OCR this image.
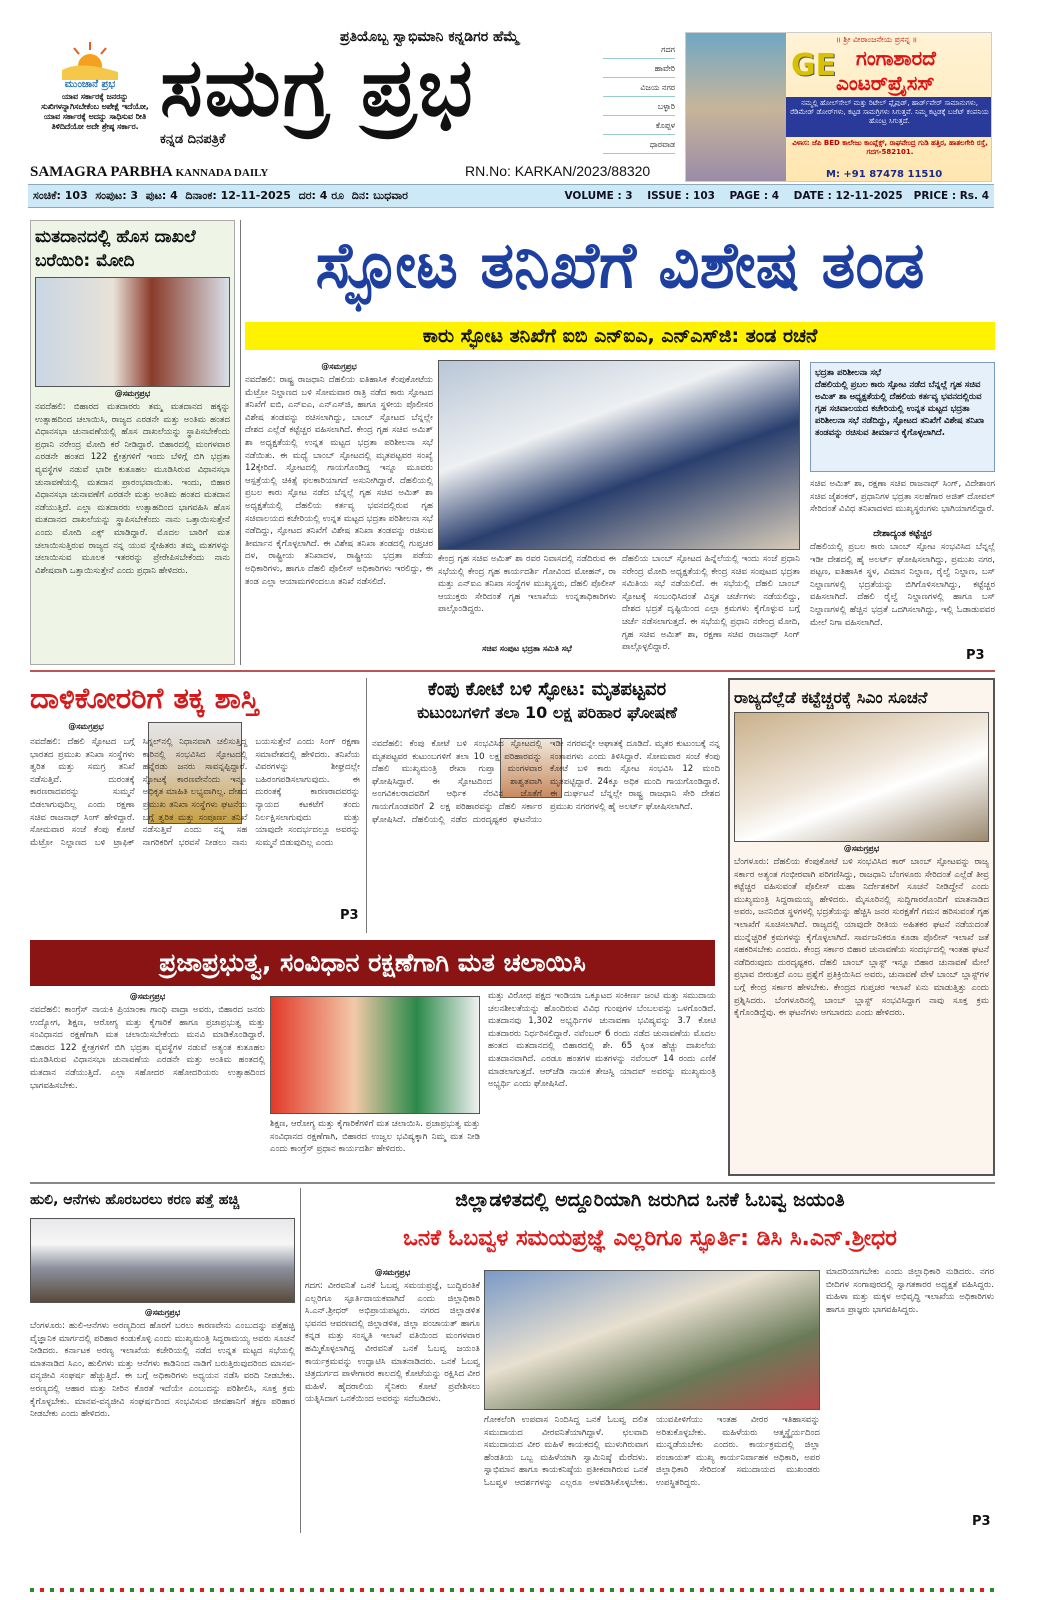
ಮುಂಜಾನೆ ಪ್ರಭ
ಯಾವ ಸರ್ಕಾರಕ್ಕೆ ಜನರನ್ನು ಸುಖಿಗಳನ್ನಾಗಿಸಬೇಕೆಂಬ ಅಪೇಕ್ಷೆ ಇದೆಯೋ, ಯಾವ ಸರ್ಕಾರಕ್ಕೆ ಅದನ್ನು ಸಾಧಿಸುವ ರೀತಿ ತಿಳಿದಿದೆಯೋ ಅದೇ ಶ್ರೇಷ್ಠ ಸರ್ಕಾರ.
ಪ್ರತಿಯೊಬ್ಬ ಸ್ವಾಭಿಮಾನಿ ಕನ್ನಡಿಗರ ಹೆಮ್ಮೆ
ಸಮಗ್ರ ಪ್ರಭ
ಕನ್ನಡ ದಿನಪತ್ರಿಕೆ
SAMAGRA PARBHA KANNADA DAILY	RN.No: KARKAN/2023/88320
ಗದಗ
ಹಾವೇರಿ
ವಿಜಯ ನಗರ
ಬಳ್ಳಾರಿ
ಕೊಪ್ಪಳ
ಧಾರವಾಡ
॥ ಶ್ರೀ ವೀರಾಂಜನೇಯ ಪ್ರಸನ್ನ ॥
GE ಗಂಗಾಶಾರದೆ
ಎಂಟರ್‌ಪ್ರೈಸಸ್
ನಮ್ಮಲ್ಲಿ ಹೋಲ್‌ಸೇಲ್ ಮತ್ತು ರಿಟೇಲ್ ಪ್ಲೈವುಡ್, ಹಾರ್ಡ್‌ವೇರ್ ಸಾಮಾನುಗಳು, ರೆಡಿಮೇಡ್ ಡೋರ್‌ಗಳು, ಕಟ್ಟಡ ಸಾಮಗ್ರಿಗಳು ಸಿಗುತ್ತವೆ. ನಿಮ್ಮ ಕಟ್ಟಡಕ್ಕೆ ಬಜೆಟ್ ಕಂಪನಿಯ ಹೊಂಟ್ರ ಸಿಗುತ್ತದೆ.
ವಿಳಾಸ: ಜೆಪಿ BED ಕಾಲೇಜು ಕಾಂಪ್ಲೆಕ್ಸ್, ರಾಘವೇಂದ್ರ ಗುಡಿ ಹತ್ತಿರ, ಹಾತಲಗೇರಿ ರಸ್ತೆ, ಗದಗ-582101.
M: +91 87478 11510
ಸಂಚಿಕೆ: 103  ಸಂಪುಟ: 3  ಪುಟ: 4  ದಿನಾಂಕ: 12-11-2025  ದರ: 4 ರೂ  ದಿನ: ಬುಧವಾರ	VOLUME : 3    ISSUE : 103    PAGE : 4    DATE : 12-11-2025   PRICE : Rs. 4
ಮತದಾನದಲ್ಲಿ ಹೊಸ ದಾಖಲೆ ಬರೆಯಿರಿ: ಮೋದಿ
@ಸಮಗ್ರಪ್ರಭ
ನವದೆಹಲಿ: ಬಿಹಾರದ ಮತದಾರರು ತಮ್ಮ ಮತದಾನದ ಹಕ್ಕನ್ನು ಉತ್ಸಾಹದಿಂದ ಚಲಾಯಿಸಿ, ರಾಜ್ಯದ ಎರಡನೇ ಮತ್ತು ಅಂತಿಮ ಹಂತದ ವಿಧಾನಸಭಾ ಚುನಾವಣೆಯಲ್ಲಿ ಹೊಸ ದಾಖಲೆಯನ್ನು ಸ್ಥಾಪಿಸಬೇಕೆಂದು ಪ್ರಧಾನಿ ನರೇಂದ್ರ ಮೋದಿ ಕರೆ ನೀಡಿದ್ದಾರೆ. ಬಿಹಾರದಲ್ಲಿ ಮಂಗಳವಾರ ಎರಡನೇ ಹಂತದ 122 ಕ್ಷೇತ್ರಗಳಿಗೆ ಇಂದು ಬೆಳಿಗ್ಗೆ ಬಿಗಿ ಭದ್ರತಾ ವ್ಯವಸ್ಥೆಗಳ ನಡುವೆ ಭಾರೀ ಕುತೂಹಲ ಮೂಡಿಸಿರುವ ವಿಧಾನಸಭಾ ಚುನಾವಣೆಯಲ್ಲಿ ಮತದಾನ ಪ್ರಾರಂಭವಾಯಿತು. ಇಂದು, ಬಿಹಾರ ವಿಧಾನಸಭಾ ಚುನಾವಣೆಗೆ ಎರಡನೇ ಮತ್ತು ಅಂತಿಮ ಹಂತದ ಮತದಾನ ನಡೆಯುತ್ತಿದೆ. ಎಲ್ಲಾ ಮತದಾರರು ಉತ್ಸಾಹದಿಂದ ಭಾಗವಹಿಸಿ ಹೊಸ ಮತದಾನದ ದಾಖಲೆಯನ್ನು ಸ್ಥಾಪಿಸಬೇಕೆಂದು ನಾನು ಒತ್ತಾಯಿಸುತ್ತೇನೆ ಎಂದು ಮೋದಿ ಎಕ್ಸ್ ಮಾಡಿದ್ದಾರೆ. ಮೊದಲ ಬಾರಿಗೆ ಮತ ಚಲಾಯಿಸುತ್ತಿರುವ ರಾಜ್ಯದ ನನ್ನ ಯುವ ಸ್ನೇಹಿತರು ತಮ್ಮ ಮತಗಳನ್ನು ಚಲಾಯಿಸುವ ಮೂಲಕ ಇತರರನ್ನು ಪ್ರೇರೇಪಿಸಬೇಕೆಂದು ನಾನು ವಿಶೇಷವಾಗಿ ಒತ್ತಾಯಿಸುತ್ತೇನೆ ಎಂದು ಪ್ರಧಾನಿ ಹೇಳಿದರು.
ಸ್ಫೋಟ ತನಿಖೆಗೆ ವಿಶೇಷ ತಂಡ
ಕಾರು ಸ್ಫೋಟ ತನಿಖೆಗೆ ಐಬಿ ಎನ್‌ಐಎ, ಎನ್‌ಎಸ್‌ಜಿ: ತಂಡ ರಚನೆ
@ಸಮಗ್ರಪ್ರಭ
ನವದೆಹಲಿ: ರಾಷ್ಟ್ರ ರಾಜಧಾನಿ ದೆಹಲಿಯ ಐತಿಹಾಸಿಕ ಕೆಂಪುಕೋಟೆಯ ಮೆಟ್ರೋ ನಿಲ್ದಾಣದ ಬಳಿ ಸೋಮವಾರ ರಾತ್ರಿ ನಡೆದ ಕಾರು ಸ್ಫೋಟದ ತನಿಖೆಗೆ ಐಬಿ, ಎನ್‌ಐಎ, ಎನ್‌ಎಸ್‌ಜಿ, ಹಾಗೂ ಸ್ಥಳೀಯ ಪೊಲೀಸರ ವಿಶೇಷ ತಂಡವನ್ನು ರಚಿಸಲಾಗಿದ್ದು, ಬಾಂಬ್ ಸ್ಫೋಟದ ಬೆನ್ನಲ್ಲೇ ದೇಶದ ಎಲ್ಲೆಡೆ ಕಟ್ಟೆಚ್ಚರ ವಹಿಸಲಾಗಿದೆ. ಕೇಂದ್ರ ಗೃಹ ಸಚಿವ ಅಮಿತ್ ಶಾ ಅಧ್ಯಕ್ಷತೆಯಲ್ಲಿ ಉನ್ನತ ಮಟ್ಟದ ಭದ್ರತಾ ಪರಿಶೀಲನಾ ಸಭೆ ನಡೆಯಿತು. ಈ ಮಧ್ಯೆ ಬಾಂಬ್ ಸ್ಫೋಟದಲ್ಲಿ ಮೃತಪಟ್ಟವರ ಸಂಖ್ಯೆ 12ಕ್ಕೇರಿದೆ. ಸ್ಫೋಟದಲ್ಲಿ ಗಾಯಗೊಂಡಿದ್ದ ಇನ್ನೂ ಮೂವರು ಆಸ್ಪತ್ರೆಯಲ್ಲಿ ಚಿಕಿತ್ಸೆ ಫಲಕಾರಿಯಾಗದೆ ಅಸುನೀಗಿದ್ದಾರೆ. ದೆಹಲಿಯಲ್ಲಿ ಪ್ರಬಲ ಕಾರು ಸ್ಫೋಟ ನಡೆದ ಬೆನ್ನಲ್ಲೆ ಗೃಹ ಸಚಿವ ಅಮಿತ್ ಶಾ ಅಧ್ಯಕ್ಷತೆಯಲ್ಲಿ ದೆಹಲಿಯ ಕರ್ತವ್ಯ ಭವನದಲ್ಲಿರುವ ಗೃಹ ಸಚಿವಾಲಯದ ಕಚೇರಿಯಲ್ಲಿ ಉನ್ನತ ಮಟ್ಟದ ಭದ್ರತಾ ಪರಿಶೀಲನಾ ಸಭೆ ನಡೆದಿದ್ದು, ಸ್ಫೋಟದ ತನಿಖೆಗೆ ವಿಶೇಷ ತನಿಖಾ ತಂಡವನ್ನು ರಚಿಸುವ ತೀರ್ಮಾನ ಕೈಗೊಳ್ಳಲಾಗಿದೆ. ಈ ವಿಶೇಷ ತನಿಖಾ ತಂಡದಲ್ಲಿ ಗುಪ್ತಚರ ದಳ, ರಾಷ್ಟ್ರೀಯ ತನಿಖಾದಳ, ರಾಷ್ಟ್ರೀಯ ಭದ್ರತಾ ಪಡೆಯ ಅಧಿಕಾರಿಗಳು, ಹಾಗೂ ದೆಹಲಿ ಪೊಲೀಸ್ ಅಧಿಕಾರಿಗಳು ಇರಲಿದ್ದು, ಈ ತಂಡ ಎಲ್ಲಾ ಆಯಾಮಗಳಿಂದಲೂ ತನಿಖೆ ನಡೆಸಲಿದೆ.
ಕೇಂದ್ರ ಗೃಹ ಸಚಿವ ಅಮಿತ್ ಶಾ ರವರ ನಿವಾಸದಲ್ಲಿ ನಡೆದಿರುವ ಈ ಸಭೆಯಲ್ಲಿ ಕೇಂದ್ರ ಗೃಹ ಕಾರ್ಯದರ್ಶಿ ಗೋವಿಂದ ಮೋಹನ್, ರಾ ಮತ್ತು ಎನ್‌ಐಎ ತನಿಖಾ ಸಂಸ್ಥೆಗಳ ಮುಖ್ಯಸ್ಥರು, ದೆಹಲಿ ಪೊಲೀಸ್ ಆಯುಕ್ತರು ಸೇರಿದಂತೆ ಗೃಹ ಇಲಾಖೆಯ ಉನ್ನತಾಧಿಕಾರಿಗಳು ಪಾಲ್ಗೊಂಡಿದ್ದರು.
ಸಚಿವ ಸಂಪುಟ ಭದ್ರತಾ ಸಮಿತಿ ಸಭೆ
ದೆಹಲಿಯ ಬಾಂಬ್ ಸ್ಫೋಟದ ಹಿನ್ನೆಲೆಯಲ್ಲಿ ಇಂದು ಸಂಜೆ ಪ್ರಧಾನಿ ನರೇಂದ್ರ ಮೋದಿ ಅಧ್ಯಕ್ಷತೆಯಲ್ಲಿ ಕೇಂದ್ರ ಸಚಿವ ಸಂಪುಟದ ಭದ್ರತಾ ಸಮಿತಿಯ ಸಭೆ ನಡೆಯಲಿದೆ. ಈ ಸಭೆಯಲ್ಲಿ ದೆಹಲಿ ಬಾಂಬ್ ಸ್ಫೋಟಕ್ಕೆ ಸಂಬಂಧಿಸಿದಂತೆ ವಿಸ್ತೃತ ಚರ್ಚೆಗಳು ನಡೆಯಲಿದ್ದು, ದೇಶದ ಭದ್ರತೆ ದೃಷ್ಟಿಯಿಂದ ಎಲ್ಲಾ ಕ್ರಮಗಳು ಕೈಗೊಳ್ಳುವ ಬಗ್ಗೆ ಚರ್ಚೆ ನಡೆಸಲಾಗುತ್ತದೆ. ಈ ಸಭೆಯಲ್ಲಿ ಪ್ರಧಾನಿ ನರೇಂದ್ರ ಮೋದಿ, ಗೃಹ ಸಚಿವ ಅಮಿತ್ ಶಾ, ರಕ್ಷಣಾ ಸಚಿವ ರಾಜನಾಥ್ ಸಿಂಗ್ ಪಾಲ್ಗೊಳ್ಳಲಿದ್ದಾರೆ.
ಭದ್ರತಾ ಪರಿಶೀಲನಾ ಸಭೆ
ದೆಹಲಿಯಲ್ಲಿ ಪ್ರಬಲ ಕಾರು ಸ್ಫೋಟ ನಡೆದ ಬೆನ್ನಲ್ಲೆ ಗೃಹ ಸಚಿವ ಅಮಿತ್ ಶಾ ಅಧ್ಯಕ್ಷತೆಯಲ್ಲಿ ದೆಹಲಿಯ ಕರ್ತವ್ಯ ಭವನದಲ್ಲಿರುವ ಗೃಹ ಸಚಿವಾಲಯದ ಕಚೇರಿಯಲ್ಲಿ ಉನ್ನತ ಮಟ್ಟದ ಭದ್ರತಾ ಪರಿಶೀಲನಾ ಸಭೆ ನಡೆದಿದ್ದು, ಸ್ಫೋಟದ ತನಿಖೆಗೆ ವಿಶೇಷ ತನಿಖಾ ತಂಡವನ್ನು ರಚಿಸುವ ತೀರ್ಮಾನ ಕೈಗೊಳ್ಳಲಾಗಿದೆ.
ಸಚಿವ ಅಮಿತ್ ಶಾ, ರಕ್ಷಣಾ ಸಚಿವ ರಾಜನಾಥ್ ಸಿಂಗ್, ವಿದೇಶಾಂಗ ಸಚಿವ ಜೈಶಂಕರ್, ಪ್ರಧಾನಿಗಳ ಭದ್ರತಾ ಸಲಹೆಗಾರ ಅಜಿತ್ ದೋವಲ್ ಸೇರಿದಂತೆ ವಿವಿಧ ತನಿಖಾದಳದ ಮುಖ್ಯಸ್ಥರುಗಳು ಭಾಗಿಯಾಗಲಿದ್ದಾರೆ.
ದೇಶಾದ್ಯಂತ ಕಟ್ಟೆಚ್ಚರ
ದೆಹಲಿಯಲ್ಲಿ ಪ್ರಬಲ ಕಾರು ಬಾಂಬ್ ಸ್ಫೋಟ ಸಂಭವಿಸಿದ ಬೆನ್ನಲ್ಲೆ ಇಡೀ ದೇಶದಲ್ಲಿ ಹೈ ಅಲರ್ಟ್ ಘೋಷಿಸಲಾಗಿದ್ದು, ಪ್ರಮುಖ ನಗರ, ಪಟ್ಟಣ, ಐತಿಹಾಸಿಕ ಸ್ಥಳ, ವಿಮಾನ ನಿಲ್ದಾಣ, ರೈಲ್ವೆ ನಿಲ್ದಾಣ, ಬಸ್ ನಿಲ್ದಾಣಗಳಲ್ಲಿ ಭದ್ರತೆಯನ್ನು ಬಿಗಿಗೊಳಿಸಲಾಗಿದ್ದು, ಕಟ್ಟೆಚ್ಚರ ವಹಿಸಲಾಗಿದೆ. ದೆಹಲಿ ರೈಲ್ವೆ ನಿಲ್ದಾಣಗಳಲ್ಲಿ ಹಾಗೂ ಬಸ್ ನಿಲ್ದಾಣಗಳಲ್ಲಿ ಹೆಚ್ಚಿನ ಭದ್ರತೆ ಒದಗಿಸಲಾಗಿದ್ದು, ಇಲ್ಲಿ ಓಡಾಡುವವರ ಮೇಲೆ ನಿಗಾ ವಹಿಸಲಾಗಿದೆ.
P3
ದಾಳಿಕೋರರಿಗೆ ತಕ್ಕ ಶಾಸ್ತಿ
@ಸಮಗ್ರಪ್ರಭ
ನವದೆಹಲಿ: ದೆಹಲಿ ಸ್ಫೋಟದ ಬಗ್ಗೆ ಭಾರತದ ಪ್ರಮುಖ ತನಿಖಾ ಸಂಸ್ಥೆಗಳು ತ್ವರಿತ ಮತ್ತು ಸಮಗ್ರ ತನಿಖೆ ನಡೆಸುತ್ತಿವೆ. ದುರಂತಕ್ಕೆ ಕಾರಣರಾದವರನ್ನು ಸುಮ್ಮನೆ ಬಿಡಲಾಗುವುದಿಲ್ಲ ಎಂದು ರಕ್ಷಣಾ ಸಚಿವ ರಾಜನಾಥ್ ಸಿಂಗ್ ಹೇಳಿದ್ದಾರೆ. ಸೋಮವಾರ ಸಂಜೆ ಕೆಂಪು ಕೋಟೆ ಮೆಟ್ರೋ ನಿಲ್ದಾಣದ ಬಳಿ ಟ್ರಾಫಿಕ್ ಸಿಗ್ನಲ್‌ನಲ್ಲಿ ನಿಧಾನವಾಗಿ ಚಲಿಸುತ್ತಿದ್ದ ಕಾರಿನಲ್ಲಿ ಸಂಭವಿಸಿದ ಸ್ಫೋಟದಲ್ಲಿ ಹನ್ನೆರಡು ಜನರು ಸಾವನ್ನಪ್ಪಿದ್ದಾರೆ. ಸ್ಫೋಟಕ್ಕೆ ಕಾರಣವೇನೆಂದು ಇನ್ನೂ ಅಧಿಕೃತ ಮಾಹಿತಿ ಲಭ್ಯವಾಗಿಲ್ಲ. ದೇಶದ ಪ್ರಮುಖ ತನಿಖಾ ಸಂಸ್ಥೆಗಳು ಘಟನೆಯ ಬಗ್ಗೆ ತ್ವರಿತ ಮತ್ತು ಸಂಪೂರ್ಣ ತನಿಖೆ ನಡೆಸುತ್ತಿವೆ ಎಂದು ನನ್ನ ಸಹ ನಾಗರಿಕರಿಗೆ ಭರವಸೆ ನೀಡಲು ನಾನು ಬಯಸುತ್ತೇನೆ ಎಂದು ಸಿಂಗ್ ರಕ್ಷಣಾ ಸಮಾವೇಶದಲ್ಲಿ ಹೇಳಿದರು. ತನಿಖೆಯ ವಿವರಗಳನ್ನು ಶೀಘ್ರದಲ್ಲೇ ಬಹಿರಂಗಪಡಿಸಲಾಗುವುದು. ಈ ದುರಂತಕ್ಕೆ ಕಾರಣರಾದವರನ್ನು ನ್ಯಾಯದ ಕಟಕಟೆಗೆ ತಂದು ನಿರ್ಲಕ್ಷಿಸಲಾಗುವುದು ಮತ್ತು ಯಾವುದೇ ಸಂದರ್ಭದಲ್ಲೂ ಅವರನ್ನು ಸುಮ್ಮನೆ ಬಿಡುವುದಿಲ್ಲ ಎಂದು
ಕೆಂಪು ಕೋಟೆ ಬಳಿ ಸ್ಫೋಟ: ಮೃತಪಟ್ಟವರ
ಕುಟುಂಬಗಳಿಗೆ ತಲಾ 10 ಲಕ್ಷ ಪರಿಹಾರ ಘೋಷಣೆ
ನವದೆಹಲಿ: ಕೆಂಪು ಕೋಟೆ ಬಳಿ ಸಂಭವಿಸಿದ ಸ್ಫೋಟದಲ್ಲಿ ಮೃತಪಟ್ಟವರ ಕುಟುಂಬಗಳಿಗೆ ತಲಾ 10 ಲಕ್ಷ ಪರಿಹಾರವನ್ನು ದೆಹಲಿ ಮುಖ್ಯಮಂತ್ರಿ ರೇಖಾ ಗುಪ್ತಾ ಮಂಗಳವಾರ ಘೋಷಿಸಿದ್ದಾರೆ. ಈ ಸ್ಫೋಟದಿಂದ ಶಾಶ್ವತವಾಗಿ ಅಂಗವಿಕಲರಾದವರಿಗೆ ಆರ್ಥಿಕ ನೆರವಿನ ಜೊತೆಗೆ ಗಾಯಗೊಂಡವರಿಗೆ 2 ಲಕ್ಷ ಪರಿಹಾರವನ್ನು ದೆಹಲಿ ಸರ್ಕಾರ ಘೋಷಿಸಿದೆ. ದೆಹಲಿಯಲ್ಲಿ ನಡೆದ ದುರದೃಷ್ಟಕರ ಘಟನೆಯು ಇಡೀ ನಗರವನ್ನೇ ಆಘಾತಕ್ಕೆ ದೂಡಿದೆ. ಮೃತರ ಕುಟುಂಬಕ್ಕೆ ನನ್ನ ಸಂತಾಪಗಳು ಎಂದು ತಿಳಿಸಿದ್ದಾರೆ. ಸೋಮವಾರ ಸಂಜೆ ಕೆಂಪು ಕೋಟೆ ಬಳಿ ಕಾರು ಸ್ಫೋಟ ಸಂಭವಿಸಿ 12 ಮಂದಿ ಮೃತಪಟ್ಟಿದ್ದಾರೆ. 24ಕ್ಕೂ ಅಧಿಕ ಮಂದಿ ಗಾಯಗೊಂಡಿದ್ದಾರೆ. ಈ ದುರ್ಘಟನೆ ಬೆನ್ನಲ್ಲೇ ರಾಷ್ಟ್ರ ರಾಜಧಾನಿ ಸೇರಿ ದೇಶದ ಪ್ರಮುಖ ನಗರಗಳಲ್ಲಿ ಹೈ ಅಲರ್ಟ್ ಘೋಷಿಸಲಾಗಿದೆ.
P3
ರಾಜ್ಯದೆಲ್ಲೆಡೆ ಕಟ್ಟೆಚ್ಚರಕ್ಕೆ ಸಿಎಂ ಸೂಚನೆ
@ಸಮಗ್ರಪ್ರಭ
ಬೆಂಗಳೂರು: ದೆಹಲಿಯ ಕೆಂಪುಕೋಟೆ ಬಳಿ ಸಂಭವಿಸಿದ ಕಾರ್ ಬಾಂಬ್ ಸ್ಫೋಟವನ್ನು ರಾಜ್ಯ ಸರ್ಕಾರ ಅತ್ಯಂತ ಗಂಭೀರವಾಗಿ ಪರಿಗಣಿಸಿದ್ದು, ರಾಜಧಾನಿ ಬೆಂಗಳೂರು ಸೇರಿದಂತೆ ಎಲ್ಲೆಡೆ ತೀವ್ರ ಕಟ್ಟೆಚ್ಚರ ವಹಿಸುವಂತೆ ಪೊಲೀಸ್ ಮಹಾ ನಿರ್ದೇಶಕರಿಗೆ ಸೂಚನೆ ನೀಡಿದ್ದೇನೆ ಎಂದು ಮುಖ್ಯಮಂತ್ರಿ ಸಿದ್ದರಾಮಯ್ಯ ಹೇಳಿದರು. ಮೈಸೂರಿನಲ್ಲಿ ಸುದ್ದಿಗಾರರೊಂದಿಗೆ ಮಾತನಾಡಿದ ಅವರು, ಜನನಿಬಿಡ ಸ್ಥಳಗಳಲ್ಲಿ ಭದ್ರತೆಯನ್ನು ಹೆಚ್ಚಿಸಿ ಜನರ ಸುರಕ್ಷತೆಗೆ ಗಮನ ಹರಿಸುವಂತೆ ಗೃಹ ಇಲಾಖೆಗೆ ಸೂಚಿಸಲಾಗಿದೆ. ರಾಜ್ಯದಲ್ಲಿ ಯಾವುದೇ ರೀತಿಯ ಅಹಿತಕರ ಘಟನೆ ನಡೆಯದಂತೆ ಮುನ್ನೆಚ್ಚರಿಕೆ ಕ್ರಮಗಳನ್ನು ಕೈಗೊಳ್ಳಲಾಗಿದೆ. ಸಾರ್ವಜನಿಕರೂ ಕೂಡಾ ಪೊಲೀಸ್ ಇಲಾಖೆ ಜತೆ ಸಹಕರಿಸಬೇಕು ಎಂದರು. ಕೇಂದ್ರ ಸರ್ಕಾರ ಬಿಹಾರ ಚುನಾವಣೆಯ ಸಂದರ್ಭದಲ್ಲಿ ಇಂತಹ ಘಟನೆ ನಡೆದಿರುವುದು ದುರದೃಷ್ಟಕರ. ದೆಹಲಿ ಬಾಂಬ್ ಬ್ಲಾಸ್ಟ್ ಇನ್ನೂ ಬಿಹಾರ ಚುನಾವಣೆ ಮೇಲೆ ಪ್ರಭಾವ ಬೀರುತ್ತದೆ ಎಂಬ ಪ್ರಶ್ನೆಗೆ ಪ್ರತಿಕ್ರಿಯಿಸಿದ ಅವರು, ಚುನಾವಣೆ ವೇಳೆ ಬಾಂಬ್ ಬ್ಲಾಸ್ಟ್‌ಗಳ ಬಗ್ಗೆ ಕೇಂದ್ರ ಸರ್ಕಾರ ಹೇಳಬೇಕು. ಕೇಂದ್ರದ ಗುಪ್ತಚರ ಇಲಾಖೆ ಏನು ಮಾಡುತ್ತಿತ್ತು ಎಂದು ಪ್ರಶ್ನಿಸಿದರು. ಬೆಂಗಳೂರಿನಲ್ಲಿ ಬಾಂಬ್ ಬ್ಲಾಸ್ಟ್ ಸಂಭವಿಸಿದ್ದಾಗ ನಾವು ಸೂಕ್ತ ಕ್ರಮ ಕೈಗೊಂಡಿದ್ದೆವು. ಈ ಘಟನೆಗಳು ಆಗಬಾರದು ಎಂದು ಹೇಳಿದರು.
ಪ್ರಜಾಪ್ರಭುತ್ವ, ಸಂವಿಧಾನ ರಕ್ಷಣೆಗಾಗಿ ಮತ ಚಲಾಯಿಸಿ
@ಸಮಗ್ರಪ್ರಭ
ನವದೆಹಲಿ: ಕಾಂಗ್ರೆಸ್ ನಾಯಕಿ ಪ್ರಿಯಾಂಕಾ ಗಾಂಧಿ ವಾದ್ರಾ ಅವರು, ಬಿಹಾರದ ಜನರು ಉದ್ಯೋಗ, ಶಿಕ್ಷಣ, ಆರೋಗ್ಯ ಮತ್ತು ಕೈಗಾರಿಕೆ ಹಾಗೂ ಪ್ರಜಾಪ್ರಭುತ್ವ ಮತ್ತು ಸಂವಿಧಾನದ ರಕ್ಷಣೆಗಾಗಿ ಮತ ಚಲಾಯಿಸಬೇಕೆಂದು ಮನವಿ ಮಾಡಿಕೊಂಡಿದ್ದಾರೆ. ಬಿಹಾರದ 122 ಕ್ಷೇತ್ರಗಳಿಗೆ ಬಿಗಿ ಭದ್ರತಾ ವ್ಯವಸ್ಥೆಗಳ ನಡುವೆ ಅತ್ಯಂತ ಕುತೂಹಲ ಮೂಡಿಸಿರುವ ವಿಧಾನಸಭಾ ಚುನಾವಣೆಯ ಎರಡನೇ ಮತ್ತು ಅಂತಿಮ ಹಂತದಲ್ಲಿ ಮತದಾನ ನಡೆಯುತ್ತಿದೆ. ಎಲ್ಲಾ ಸಹೋದರ ಸಹೋದರಿಯರು ಉತ್ಸಾಹದಿಂದ ಭಾಗವಹಿಸಬೇಕು.
ಶಿಕ್ಷಣ, ಆರೋಗ್ಯ ಮತ್ತು ಕೈಗಾರಿಕೆಗಳಿಗೆ ಮತ ಚಲಾಯಿಸಿ. ಪ್ರಜಾಪ್ರಭುತ್ವ ಮತ್ತು ಸಂವಿಧಾನದ ರಕ್ಷಣೆಗಾಗಿ, ಬಿಹಾರದ ಉಜ್ವಲ ಭವಿಷ್ಯಕ್ಕಾಗಿ ನಿಮ್ಮ ಮತ ನೀಡಿ ಎಂದು ಕಾಂಗ್ರೆಸ್ ಪ್ರಧಾನ ಕಾರ್ಯದರ್ಶಿ ಹೇಳಿದರು.
ಮತ್ತು ವಿರೋಧ ಪಕ್ಷದ ಇಂಡಿಯಾ ಒಕ್ಕೂಟದ ಸಂಕೀರ್ಣ ಜಂಟಿ ಮತ್ತು ಸಮುದಾಯ ಚಲನಶೀಲತೆಯನ್ನು ಹೊಂದಿರುವ ವಿವಿಧ ಗುಂಪುಗಳ ಬೆಂಬಲವನ್ನು ಒಳಗೊಂಡಿದೆ. ಮತದಾನವು 1,302 ಅಭ್ಯರ್ಥಿಗಳ ಚುನಾವಣಾ ಭವಿಷ್ಯವನ್ನು 3.7 ಕೋಟಿ ಮತದಾರರು ನಿರ್ಧರಿಸಲಿದ್ದಾರೆ. ನವೆಂಬರ್ 6 ರಂದು ನಡೆದ ಚುನಾವಣೆಯ ಮೊದಲ ಹಂತದ ಮತದಾನದಲ್ಲಿ ಬಿಹಾರದಲ್ಲಿ ಶೇ. 65 ಕ್ಕಿಂತ ಹೆಚ್ಚು ದಾಖಲೆಯ ಮತದಾನವಾಗಿದೆ. ಎರಡೂ ಹಂತಗಳ ಮತಗಳನ್ನು ನವೆಂಬರ್ 14 ರಂದು ಎಣಿಕೆ ಮಾಡಲಾಗುತ್ತದೆ. ಆರ್‌ಜೆಡಿ ನಾಯಕ ತೇಜಸ್ವಿ ಯಾದವ್ ಅವರನ್ನು ಮುಖ್ಯಮಂತ್ರಿ ಅಭ್ಯರ್ಥಿ ಎಂದು ಘೋಷಿಸಿದೆ.
ಹುಲಿ, ಆನೆಗಳು ಹೊರಬರಲು ಕರಣ ಪತ್ತೆ ಹಚ್ಚಿ
@ಸಮಗ್ರಪ್ರಭ
ಬೆಂಗಳೂರು: ಹುಲಿ-ಆನೆಗಳು ಅರಣ್ಯದಿಂದ ಹೊರಗೆ ಬರಲು ಕಾರಣವೇನು ಎಂಬುದನ್ನು ಪತ್ತೆಹಚ್ಚಿ ವೈಜ್ಞಾನಿಕ ಮಾರ್ಗದಲ್ಲಿ ಪರಿಹಾರ ಕಂಡುಕೊಳ್ಳಿ ಎಂದು ಮುಖ್ಯಮಂತ್ರಿ ಸಿದ್ದರಾಮಯ್ಯ ಅವರು ಸೂಚನೆ ನೀಡಿದರು. ಕರ್ನಾಟಕ ಅರಣ್ಯ ಇಲಾಖೆಯ ಕಚೇರಿಯಲ್ಲಿ ನಡೆದ ಉನ್ನತ ಮಟ್ಟದ ಸಭೆಯಲ್ಲಿ ಮಾತನಾಡಿದ ಸಿಎಂ, ಹುಲಿಗಳು ಮತ್ತು ಆನೆಗಳು ಕಾಡಿನಿಂದ ನಾಡಿಗೆ ಬರುತ್ತಿರುವುದರಿಂದ ಮಾನವ-ವನ್ಯಜೀವಿ ಸಂಘರ್ಷ ಹೆಚ್ಚುತ್ತಿದೆ. ಈ ಬಗ್ಗೆ ಅಧಿಕಾರಿಗಳು ಅಧ್ಯಯನ ನಡೆಸಿ ವರದಿ ನೀಡಬೇಕು. ಅರಣ್ಯದಲ್ಲಿ ಆಹಾರ ಮತ್ತು ನೀರಿನ ಕೊರತೆ ಇದೆಯೇ ಎಂಬುದನ್ನು ಪರಿಶೀಲಿಸಿ, ಸೂಕ್ತ ಕ್ರಮ ಕೈಗೊಳ್ಳಬೇಕು. ಮಾನವ-ವನ್ಯಜೀವಿ ಸಂಘರ್ಷದಿಂದ ಸಂಭವಿಸುವ ಜೀವಹಾನಿಗೆ ತಕ್ಷಣ ಪರಿಹಾರ ನೀಡಬೇಕು ಎಂದು ಹೇಳಿದರು.
ಜಿಲ್ಲಾಡಳಿತದಲ್ಲಿ ಅದ್ದೂರಿಯಾಗಿ ಜರುಗಿದ ಒನಕೆ ಓಬವ್ವ ಜಯಂತಿ
ಒನಕೆ ಓಬವ್ವಳ ಸಮಯಪ್ರಜ್ಞೆ ಎಲ್ಲರಿಗೂ ಸ್ಫೂರ್ತಿ: ಡಿಸಿ ಸಿ.ಎನ್.ಶ್ರೀಧರ
@ಸಮಗ್ರಪ್ರಭ
ಗದಗ: ವೀರವನಿತೆ ಒನಕೆ ಓಬವ್ವ ಸಮಯಪ್ರಜ್ಞೆ, ಬುದ್ಧಿವಂತಿಕೆ ಎಲ್ಲರಿಗೂ ಸ್ಫೂರ್ತಿದಾಯಕವಾಗಿದೆ ಎಂದು ಜಿಲ್ಲಾಧಿಕಾರಿ ಸಿ.ಎನ್.ಶ್ರೀಧರ್ ಅಭಿಪ್ರಾಯಪಟ್ಟರು. ನಗರದ ಜಿಲ್ಲಾಡಳಿತ ಭವನದ ಆವರಣದಲ್ಲಿ ಜಿಲ್ಲಾಡಳಿತ, ಜಿಲ್ಲಾ ಪಂಚಾಯತ್ ಹಾಗೂ ಕನ್ನಡ ಮತ್ತು ಸಂಸ್ಕೃತಿ ಇಲಾಖೆ ವತಿಯಿಂದ ಮಂಗಳವಾರ ಹಮ್ಮಿಕೊಳ್ಳಲಾಗಿದ್ದ ವೀರವನಿತೆ ಒನಕೆ ಓಬವ್ವ ಜಯಂತಿ ಕಾರ್ಯಕ್ರಮವನ್ನು ಉದ್ಘಾಟಿಸಿ ಮಾತನಾಡಿದರು. ಒನಕೆ ಓಬವ್ವ ಚಿತ್ರದುರ್ಗದ ಪಾಳೇಗಾರರ ಕಾಲದಲ್ಲಿ ಕೋಟೆಯನ್ನು ರಕ್ಷಿಸಿದ ವೀರ ಮಹಿಳೆ. ಹೈದರಾಲಿಯ ಸೈನಿಕರು ಕೋಟೆ ಪ್ರವೇಶಿಸಲು ಯತ್ನಿಸಿದಾಗ ಒನಕೆಯಿಂದ ಅವರನ್ನು ಸದೆಬಡಿದಳು.
ಗೋಕಲೆಂಗಿ ಉಪವಾಸ ನಿಂದಿಸಿದ್ದ ಒನಕೆ ಓಬವ್ವ ದಲಿತ ಸಮುದಾಯದ ವೀರವನಿತೆಯಾಗಿದ್ದಾಳೆ. ಛಲವಾದಿ ಸಮುದಾಯದ ವೀರ ಮಹಿಳೆ ಕಾಯಕದಲ್ಲಿ ಮುಳುಗಿರುವಾಗ ಹೆಂಡತಿಯ ಒಬ್ಬ ಮಹಿಳೆಯಾಗಿ ಸ್ವಾಮಿನಿಷ್ಠೆ ಮೆರೆದಳು. ಸ್ವಾಭಿಮಾನ ಹಾಗೂ ಕಾಯಕನಿಷ್ಠೆಯ ಪ್ರತೀಕವಾಗಿರುವ ಒನಕೆ ಓಬವ್ವಳ ಆದರ್ಶಗಳನ್ನು ಎಲ್ಲರೂ ಅಳವಡಿಸಿಕೊಳ್ಳಬೇಕು. ಯುವಪೀಳಿಗೆಯು ಇಂತಹ ವೀರರ ಇತಿಹಾಸವನ್ನು ಅರಿತುಕೊಳ್ಳಬೇಕು. ಮಹಿಳೆಯರು ಆತ್ಮಸ್ಥೈರ್ಯದಿಂದ ಮುನ್ನಡೆಯಬೇಕು ಎಂದರು. ಕಾರ್ಯಕ್ರಮದಲ್ಲಿ ಜಿಲ್ಲಾ ಪಂಚಾಯತ್ ಮುಖ್ಯ ಕಾರ್ಯನಿರ್ವಾಹಕ ಅಧಿಕಾರಿ, ಅಪರ ಜಿಲ್ಲಾಧಿಕಾರಿ ಸೇರಿದಂತೆ ಸಮುದಾಯದ ಮುಖಂಡರು ಉಪಸ್ಥಿತರಿದ್ದರು.
ಮಾದರಿಯಾಗಬೇಕು ಎಂದು ಜಿಲ್ಲಾಧಿಕಾರಿ ನುಡಿದರು. ನಗರ ಬೀದಿಗಳ ಸಂಗಾಪುರದಲ್ಲಿ ಸ್ವಾಗತಕಾರರ ಅಧ್ಯಕ್ಷತೆ ವಹಿಸಿದ್ದರು. ಮಹಿಳಾ ಮತ್ತು ಮಕ್ಕಳ ಅಭಿವೃದ್ಧಿ ಇಲಾಖೆಯ ಅಧಿಕಾರಿಗಳು ಹಾಗೂ ಪ್ರಾಜ್ಞರು ಭಾಗವಹಿಸಿದ್ದರು.
P3
